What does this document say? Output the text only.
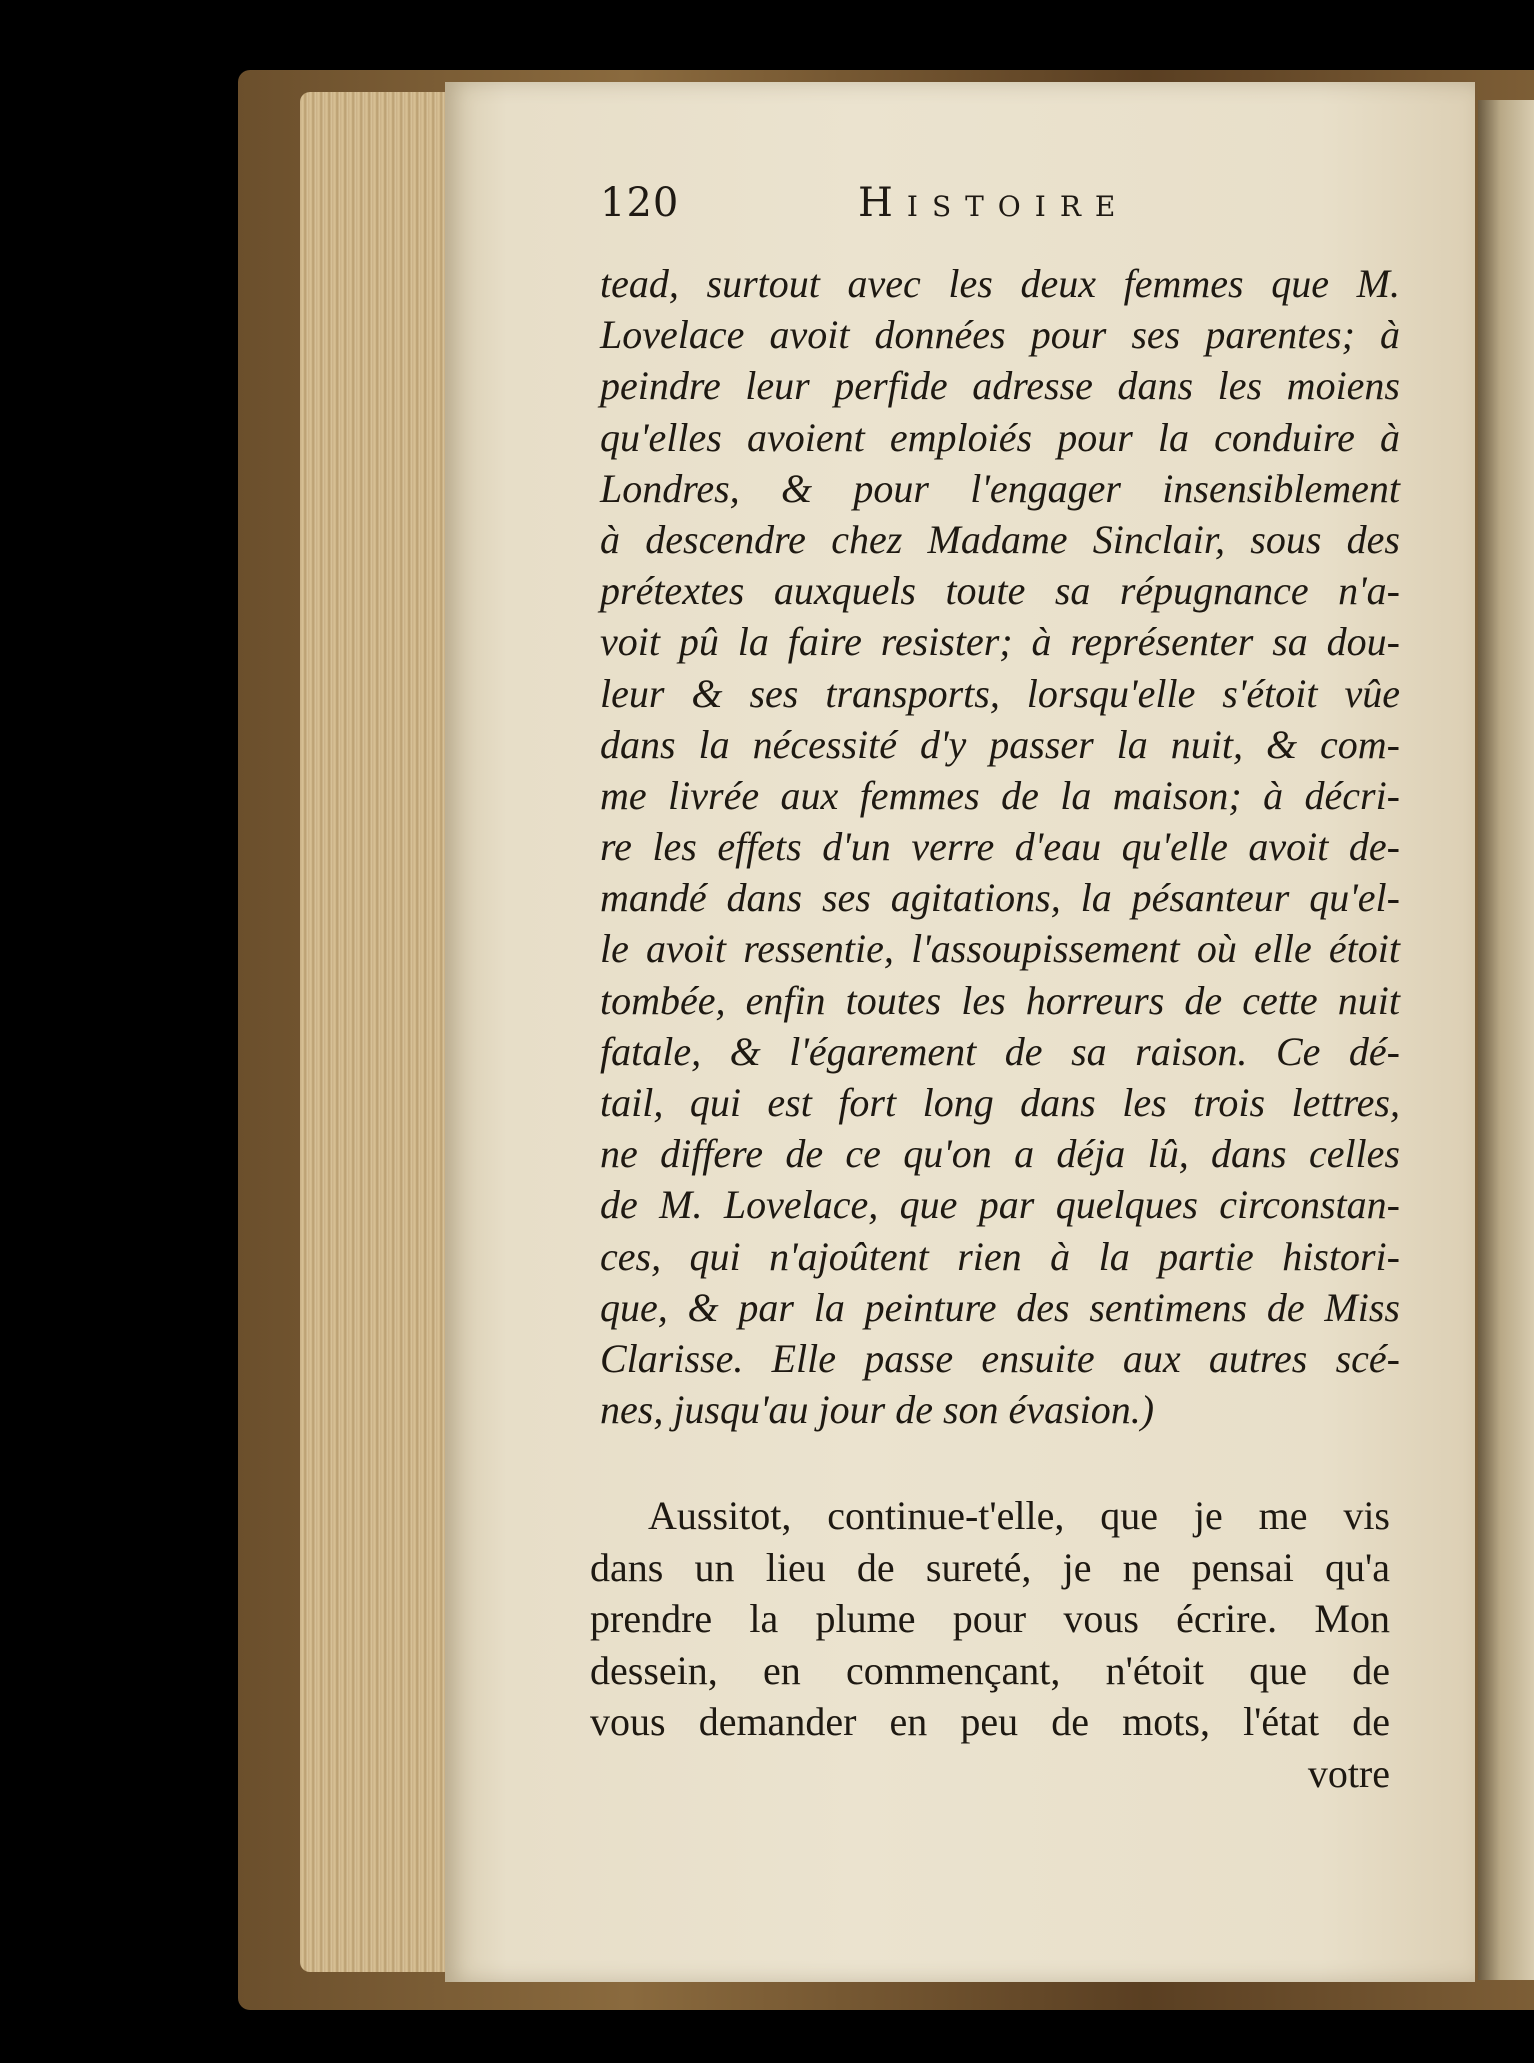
120	Histoire
tead, surtout avec les deux femmes que M.
Lovelace avoit données pour ses parentes; à
peindre leur perfide adresse dans les moiens
qu'elles avoient emploiés pour la conduire à
Londres, & pour l'engager insensiblement
à descendre chez Madame Sinclair, sous des
prétextes auxquels toute sa répugnance n'a-
voit pû la faire resister; à représenter sa dou-
leur & ses transports, lorsqu'elle s'étoit vûe
dans la nécessité d'y passer la nuit, & com-
me livrée aux femmes de la maison; à décri-
re les effets d'un verre d'eau qu'elle avoit de-
mandé dans ses agitations, la pésanteur qu'el-
le avoit ressentie, l'assoupissement où elle étoit
tombée, enfin toutes les horreurs de cette nuit
fatale, & l'égarement de sa raison. Ce dé-
tail, qui est fort long dans les trois lettres,
ne differe de ce qu'on a déja lû, dans celles
de M. Lovelace, que par quelques circonstan-
ces, qui n'ajoûtent rien à la partie histori-
que, & par la peinture des sentimens de Miss
Clarisse. Elle passe ensuite aux autres scé-
nes, jusqu'au jour de son évasion.)
Aussitot, continue-t'elle, que je me vis
dans un lieu de sureté, je ne pensai qu'a
prendre la plume pour vous écrire. Mon
dessein, en commençant, n'étoit que de
vous demander en peu de mots, l'état de
votre
